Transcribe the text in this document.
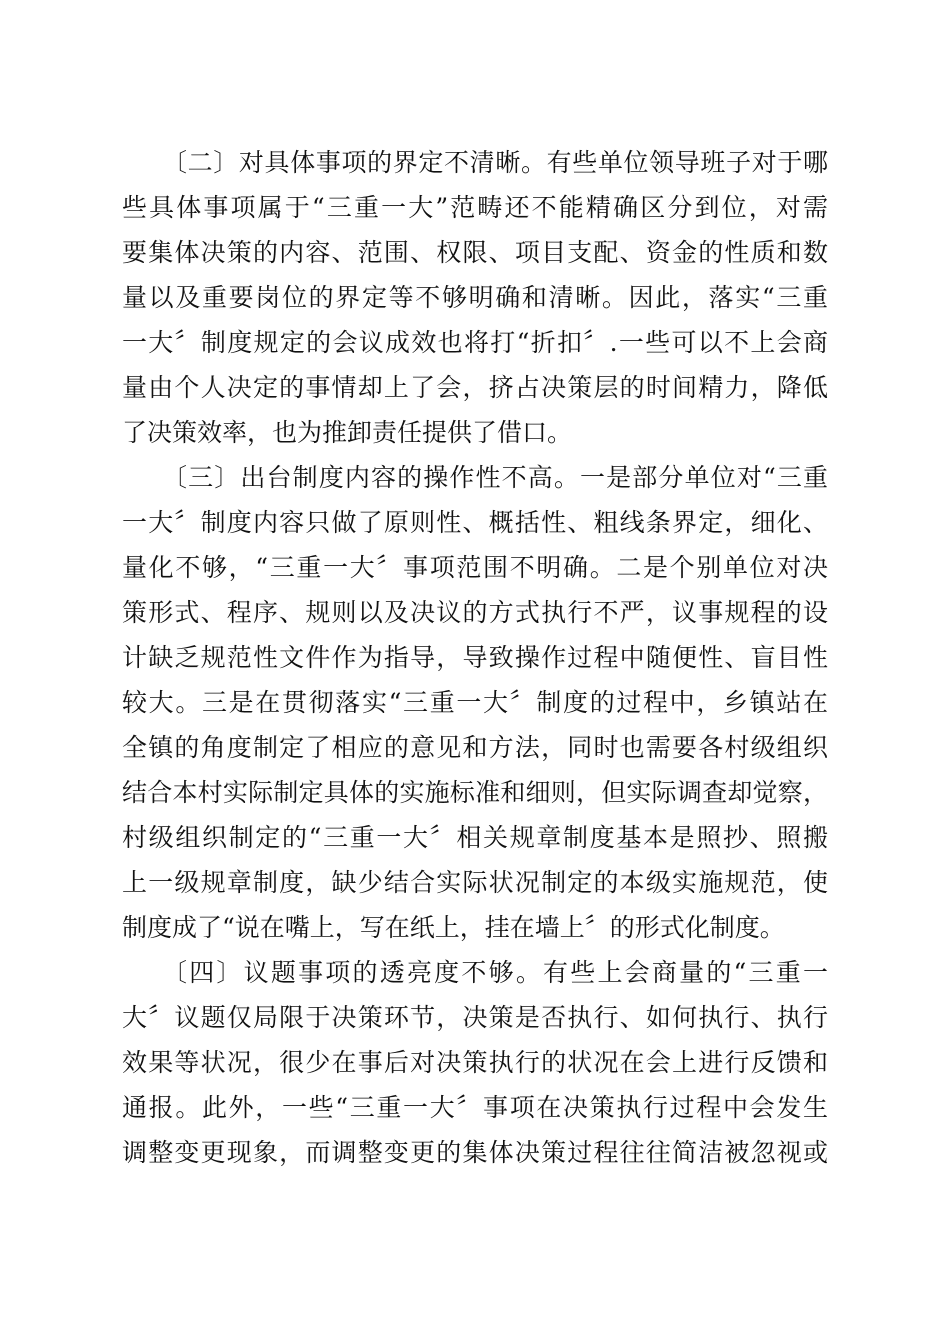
〔二〕对具体事项的界定不清晰。有些单位领导班子对于哪
些具体事项属于“三重一大”范畴还不能精确区分到位，对需
要集体决策的内容、范围、权限、项目支配、资金的性质和数
量以及重要岗位的界定等不够明确和清晰。因此，落实“三重
一大〞制度规定的会议成效也将打“折扣〞.一些可以不上会商
量由个人决定的事情却上了会，挤占决策层的时间精力，降低
了决策效率，也为推卸责任提供了借口。
〔三〕出台制度内容的操作性不高。一是部分单位对“三重
一大〞制度内容只做了原则性、概括性、粗线条界定，细化、
量化不够，“三重一大〞事项范围不明确。二是个别单位对决
策形式、程序、规则以及决议的方式执行不严，议事规程的设
计缺乏规范性文件作为指导，导致操作过程中随便性、盲目性
较大。三是在贯彻落实“三重一大〞制度的过程中，乡镇站在
全镇的角度制定了相应的意见和方法，同时也需要各村级组织
结合本村实际制定具体的实施标准和细则，但实际调查却觉察，
村级组织制定的“三重一大〞相关规章制度基本是照抄、照搬
上一级规章制度，缺少结合实际状况制定的本级实施规范，使
制度成了“说在嘴上，写在纸上，挂在墙上〞的形式化制度。
〔四〕议题事项的透亮度不够。有些上会商量的“三重一
大〞议题仅局限于决策环节，决策是否执行、如何执行、执行
效果等状况，很少在事后对决策执行的状况在会上进行反馈和
通报。此外，一些“三重一大〞事项在决策执行过程中会发生
调整变更现象，而调整变更的集体决策过程往往简洁被忽视或
